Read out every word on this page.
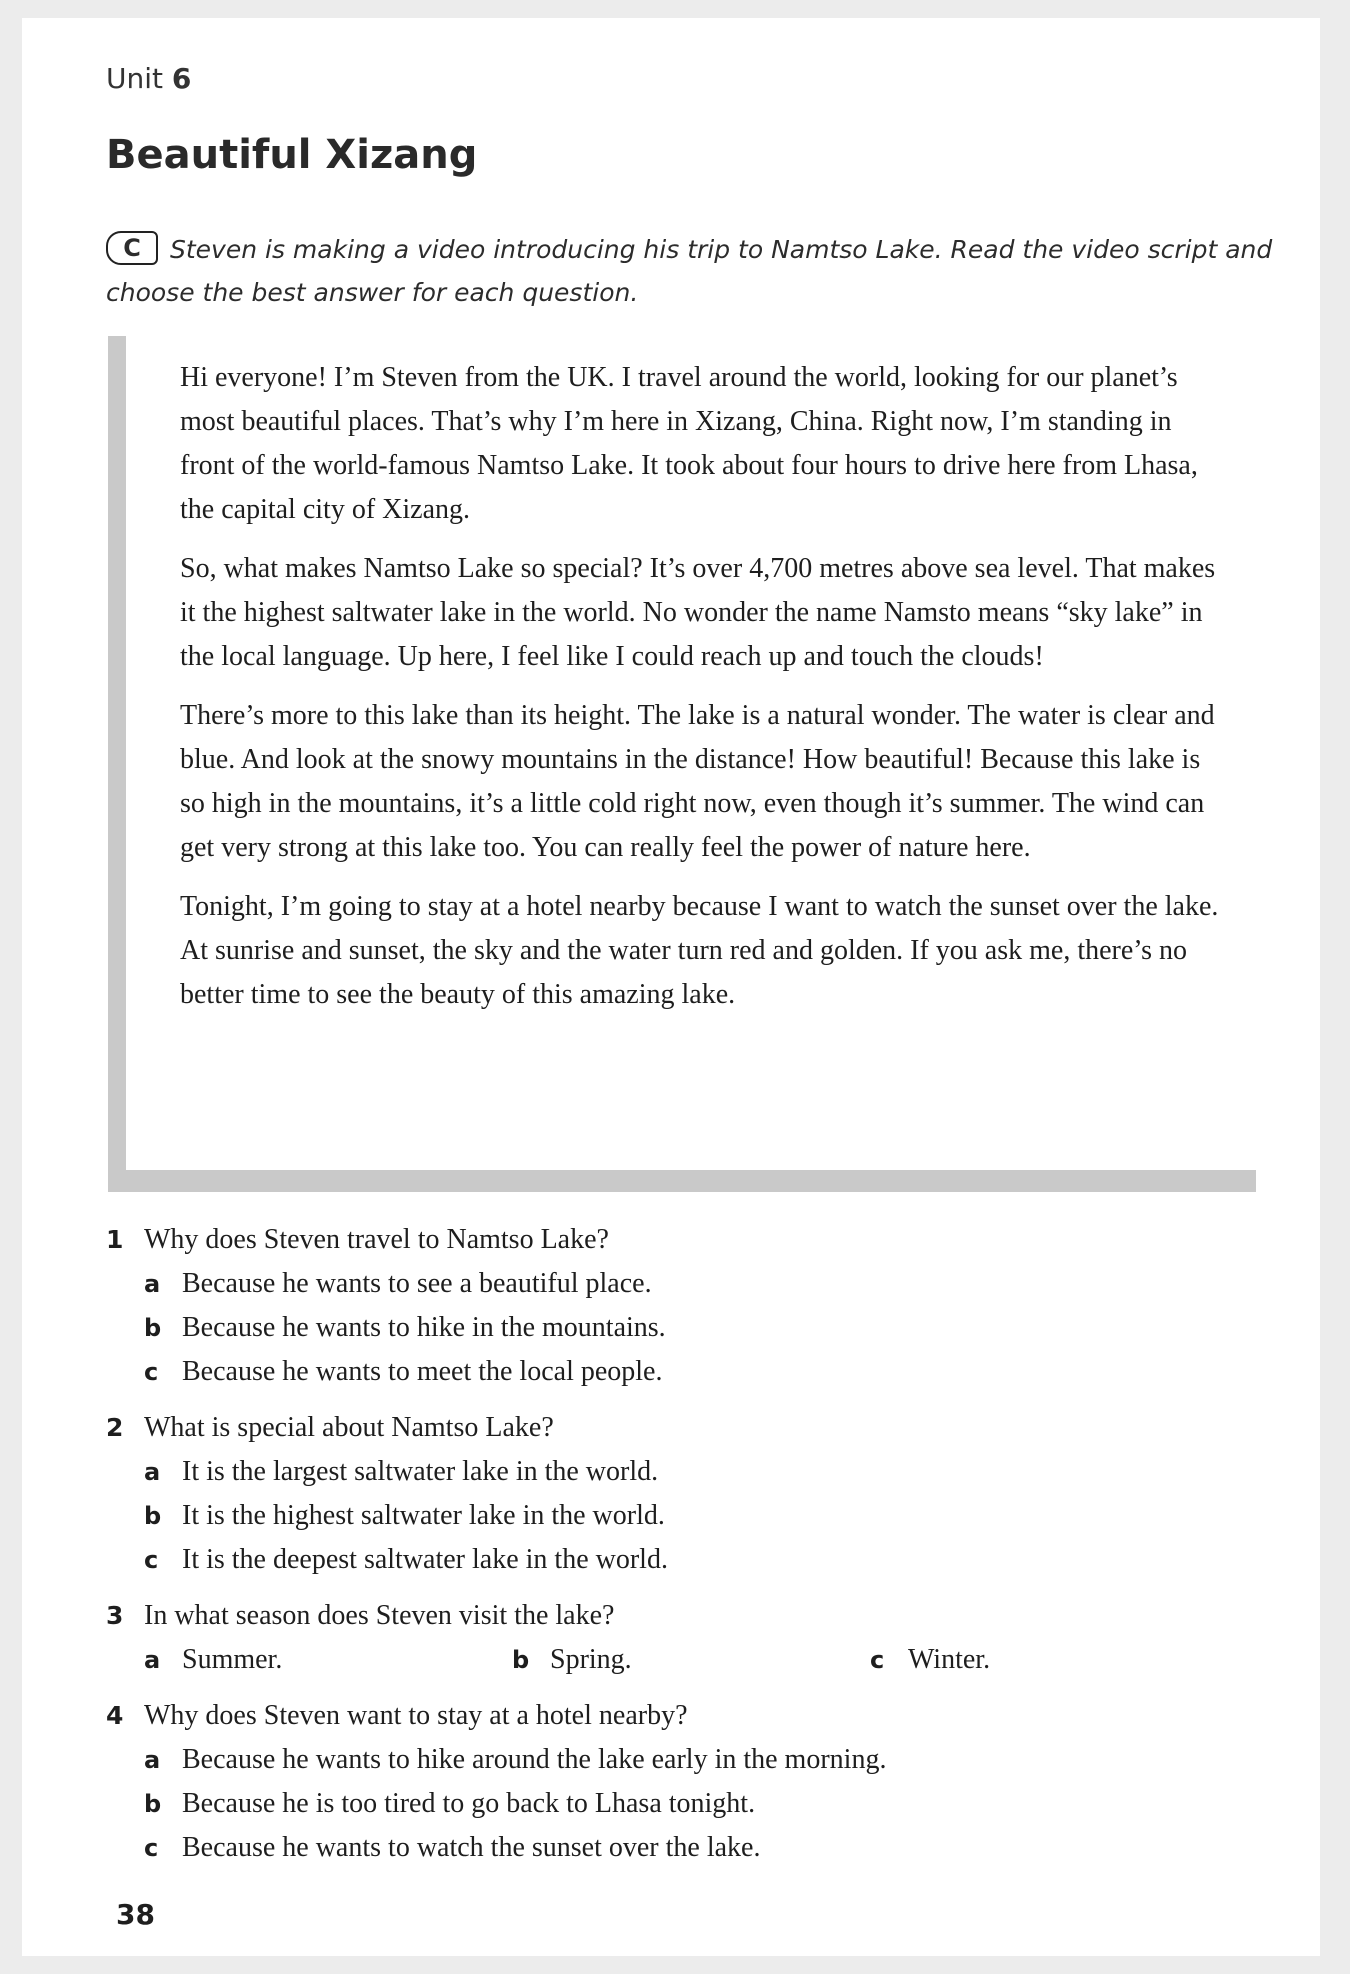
Unit 6
Beautiful Xizang
C Steven is making a video introducing his trip to Namtso Lake. Read the video script and choose the best answer for each question.

Hi everyone! I’m Steven from the UK. I travel around the world, looking for our planet’s most beautiful places. That’s why I’m here in Xizang, China. Right now, I’m standing in front of the world-famous Namtso Lake. It took about four hours to drive here from Lhasa, the capital city of Xizang.

So, what makes Namtso Lake so special? It’s over 4,700 metres above sea level. That makes it the highest saltwater lake in the world. No wonder the name Namsto means “sky lake” in the local language. Up here, I feel like I could reach up and touch the clouds!

There’s more to this lake than its height. The lake is a natural wonder. The water is clear and blue. And look at the snowy mountains in the distance! How beautiful! Because this lake is so high in the mountains, it’s a little cold right now, even though it’s summer. The wind can get very strong at this lake too. You can really feel the power of nature here.

Tonight, I’m going to stay at a hotel nearby because I want to watch the sunset over the lake. At sunrise and sunset, the sky and the water turn red and golden. If you ask me, there’s no better time to see the beauty of this amazing lake.

1 Why does Steven travel to Namtso Lake?
a Because he wants to see a beautiful place.
b Because he wants to hike in the mountains.
c Because he wants to meet the local people.
2 What is special about Namtso Lake?
a It is the largest saltwater lake in the world.
b It is the highest saltwater lake in the world.
c It is the deepest saltwater lake in the world.
3 In what season does Steven visit the lake?
a Summer.	b Spring.	c Winter.
4 Why does Steven want to stay at a hotel nearby?
a Because he wants to hike around the lake early in the morning.
b Because he is too tired to go back to Lhasa tonight.
c Because he wants to watch the sunset over the lake.
38
